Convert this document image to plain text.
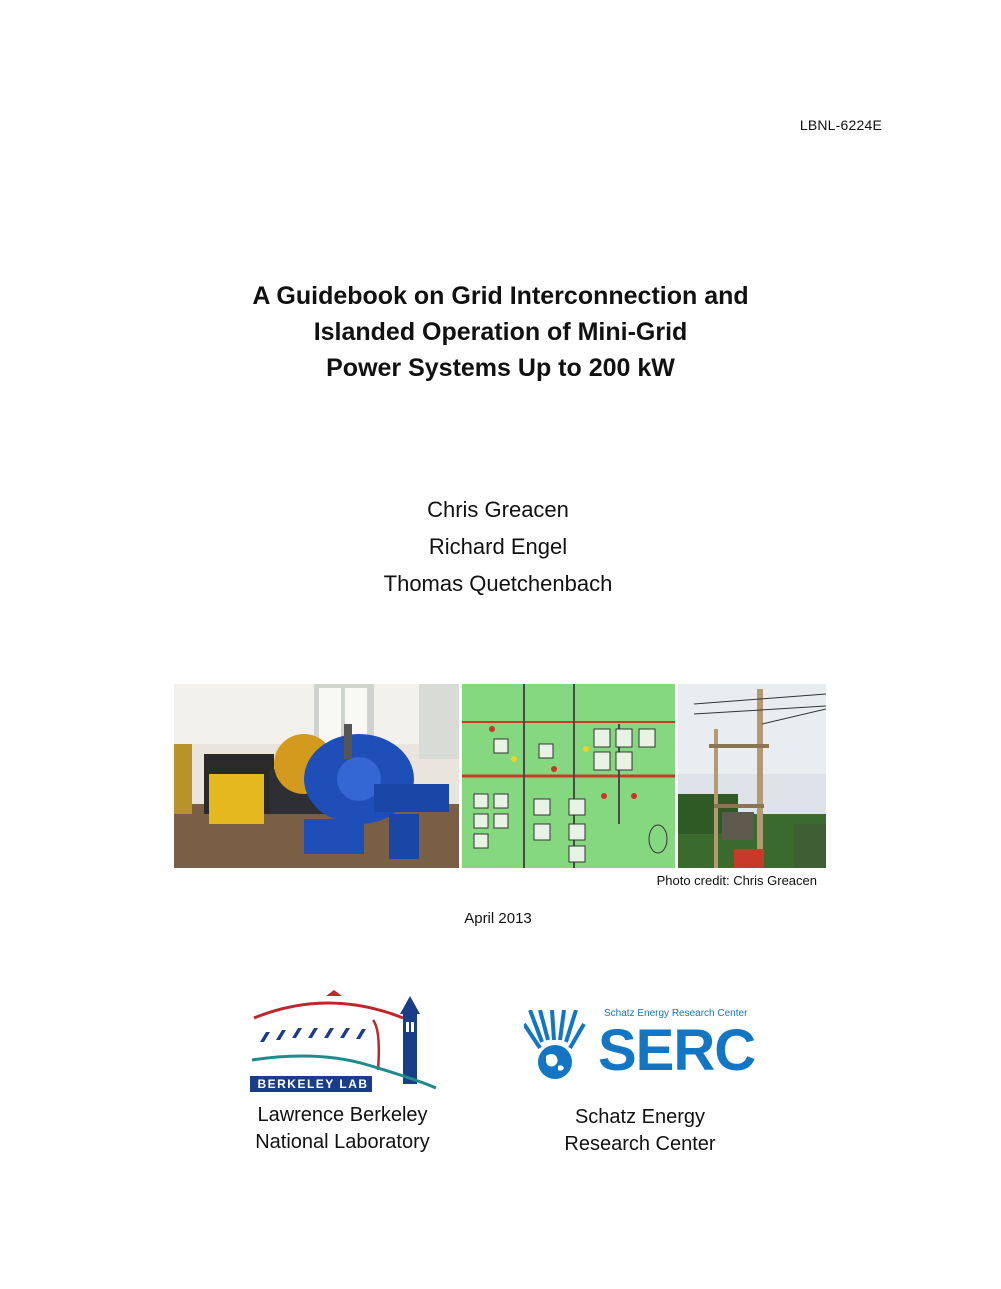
LBNL-6224E
A Guidebook on Grid Interconnection and
Islanded Operation of Mini-Grid
Power Systems Up to 200 kW
Chris Greacen
Richard Engel
Thomas Quetchenbach
Photo credit: Chris Greacen
April 2013
BERKELEY LAB
Lawrence Berkeley
National Laboratory
Schatz Energy Research Center
SERC
Schatz Energy
Research Center
